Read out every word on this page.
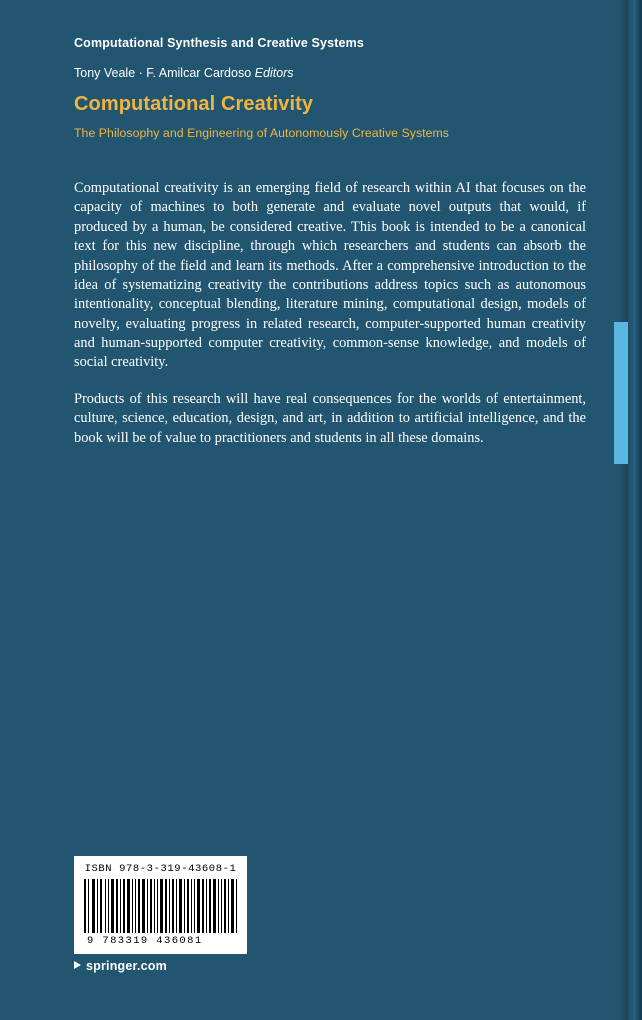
Computational Synthesis and Creative Systems
Tony Veale · F. Amilcar Cardoso Editors
Computational Creativity
The Philosophy and Engineering of Autonomously Creative Systems
Computational creativity is an emerging field of research within AI that focuses on the capacity of machines to both generate and evaluate novel outputs that would, if produced by a human, be considered creative. This book is intended to be a canonical text for this new discipline, through which researchers and students can absorb the philosophy of the field and learn its methods. After a comprehensive introduction to the idea of systematizing creativity the contributions address topics such as autonomous intentionality, conceptual blending, literature mining, computational design, models of novelty, evaluating progress in related research, computer-supported human creativity and human-supported computer creativity, common-sense knowledge, and models of social creativity.
Products of this research will have real consequences for the worlds of entertainment, culture, science, education, design, and art, in addition to artificial intelligence, and the book will be of value to practitioners and students in all these domains.
ISBN 978-3-319-43608-1
9 783319 436081
springer.com
